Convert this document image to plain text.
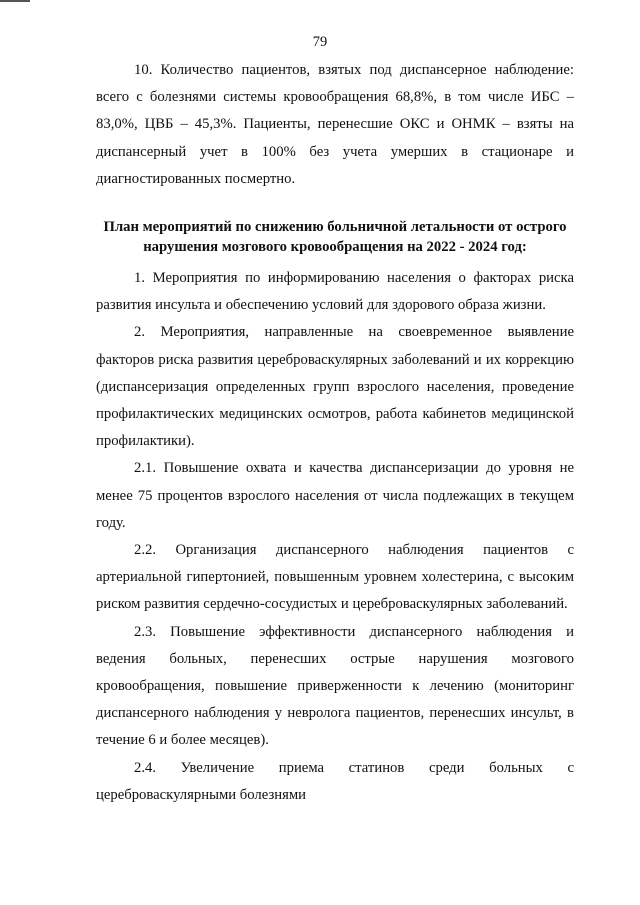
79

10. Количество пациентов, взятых под диспансерное наблюдение: всего с болезнями системы кровообращения 68,8%, в том числе ИБС – 83,0%, ЦВБ – 45,3%. Пациенты, перенесшие ОКС и ОНМК – взяты на диспансерный учет в 100% без учета умерших в стационаре и диагностированных посмертно.

План мероприятий по снижению больничной летальности от острого
нарушения мозгового кровообращения на 2022 - 2024 год:

1. Мероприятия по информированию населения о факторах риска развития инсульта и обеспечению условий для здорового образа жизни.

2. Мероприятия, направленные на своевременное выявление факторов риска развития цереброваскулярных заболеваний и их коррекцию (диспансеризация определенных групп взрослого населения, проведение профилактических медицинских осмотров, работа кабинетов медицинской профилактики).

2.1. Повышение охвата и качества диспансеризации до уровня не менее 75 процентов взрослого населения от числа подлежащих в текущем году.

2.2. Организация диспансерного наблюдения пациентов с артериальной гипертонией, повышенным уровнем холестерина, с высоким риском развития сердечно-сосудистых и цереброваскулярных заболеваний.

2.3. Повышение эффективности диспансерного наблюдения и ведения больных, перенесших острые нарушения мозгового кровообращения, повышение приверженности к лечению (мониторинг диспансерного наблюдения у невролога пациентов, перенесших инсульт, в течение 6 и более месяцев).

2.4. Увеличение приема статинов среди больных с цереброваскулярными болезнями
